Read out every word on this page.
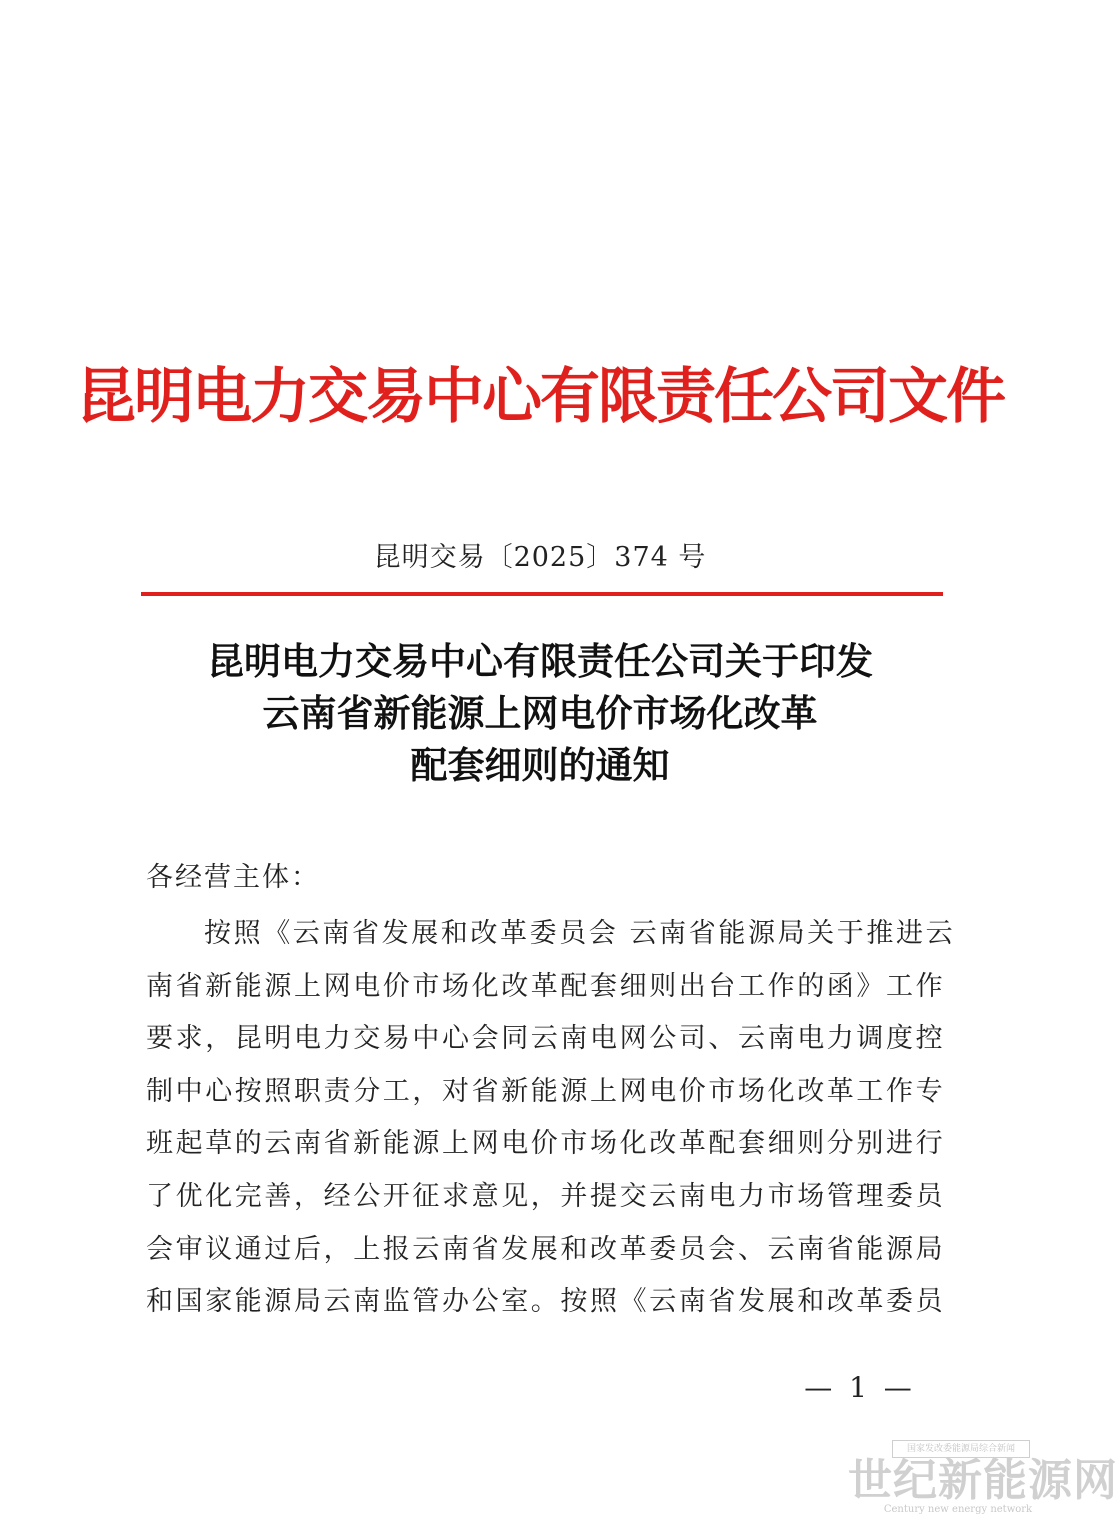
昆明电力交易中心有限责任公司文件
昆明交易〔2025〕374 号
昆明电力交易中心有限责任公司关于印发
云南省新能源上网电价市场化改革
配套细则的通知
各经营主体：
按照《云南省发展和改革委员会 云南省能源局关于推进云
南省新能源上网电价市场化改革配套细则出台工作的函》工作
要求，昆明电力交易中心会同云南电网公司、云南电力调度控
制中心按照职责分工，对省新能源上网电价市场化改革工作专
班起草的云南省新能源上网电价市场化改革配套细则分别进行
了优化完善，经公开征求意见，并提交云南电力市场管理委员
会审议通过后，上报云南省发展和改革委员会、云南省能源局
和国家能源局云南监管办公室。按照《云南省发展和改革委员
— 1 —
国家发改委能源局综合新闻
世纪新能源网
Century new energy network
